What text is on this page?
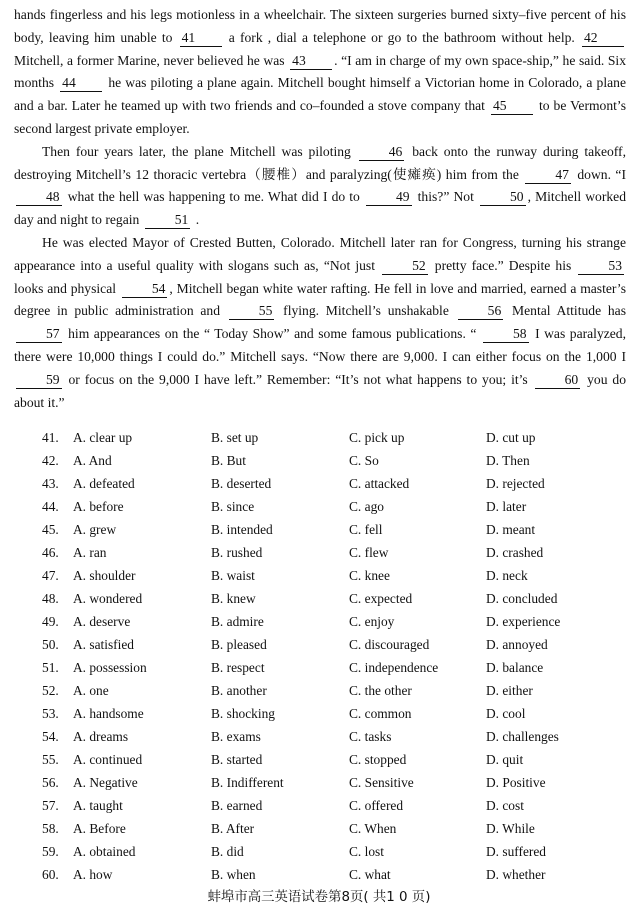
hands fingerless and his legs motionless in a wheelchair. The sixteen surgeries burned sixty–five percent of his body, leaving him unable to 41 a fork , dial a telephone or go to the bathroom without help. 42 Mitchell, a former Marine, never believed he was 43 . “I am in charge of my own space-ship,” he said. Six months 44 he was piloting a plane again. Mitchell bought himself a Victorian home in Colorado, a plane and a bar. Later he teamed up with two friends and co–founded a stove company that 45 to be Vermont’s second largest private employer.

Then four years later, the plane Mitchell was piloting	46 back onto the runway during takeoff, destroying Mitchell’s 12 thoracic vertebra（腰椎）and paralyzing(使瘫痪) him from the	47 down. “I 48 what the hell was happening to me. What did I do to	49 this?” Not	50 , Mitchell worked day and night to regain	51 .

He was elected Mayor of Crested Butten, Colorado. Mitchell later ran for Congress, turning his strange appearance into a useful quality with slogans such as, “Not just	52 pretty face.” Despite his	53 looks and physical	54 , Mitchell began white water rafting. He fell in love and married, earned a master’s degree in public administration and	55 flying. Mitchell’s unshakable	56 Mental Attitude has 57 him appearances on the “ Today Show” and some famous publications. “	58 I was paralyzed, there were 10,000 things I could do.” Mitchell says. “Now there are 9,000. I can either focus on the 1,000 I 59 or focus on the 9,000 I have left.” Remember: “It’s not what happens to you; it’s	60 you do about it.”

41. A. clear up	B. set up	C. pick up	D. cut up
42. A. And	B. But	C. So	D. Then
43. A. defeated	B. deserted	C. attacked	D. rejected
44. A. before	B. since	C. ago	D. later
45. A. grew	B. intended	C. fell	D. meant
46. A. ran	B. rushed	C. flew	D. crashed
47. A. shoulder	B. waist	C. knee	D. neck
48. A. wondered	B. knew	C. expected	D. concluded
49. A. deserve	B. admire	C. enjoy	D. experience
50. A. satisfied	B. pleased	C. discouraged	D. annoyed
51. A. possession	B. respect	C. independence	D. balance
52. A. one	B. another	C. the other	D. either
53. A. handsome	B. shocking	C. common	D. cool
54. A. dreams	B. exams	C. tasks	D. challenges
55. A. continued	B. started	C. stopped	D. quit
56. A. Negative	B. Indifferent	C. Sensitive	D. Positive
57. A. taught	B. earned	C. offered	D. cost
58. A. Before	B. After	C. When	D. While
59. A. obtained	B. did	C. lost	D. suffered
60. A. how	B. when	C. what	D. whether
蚌埠市高三英语试卷第8页( 共1 0 页)
